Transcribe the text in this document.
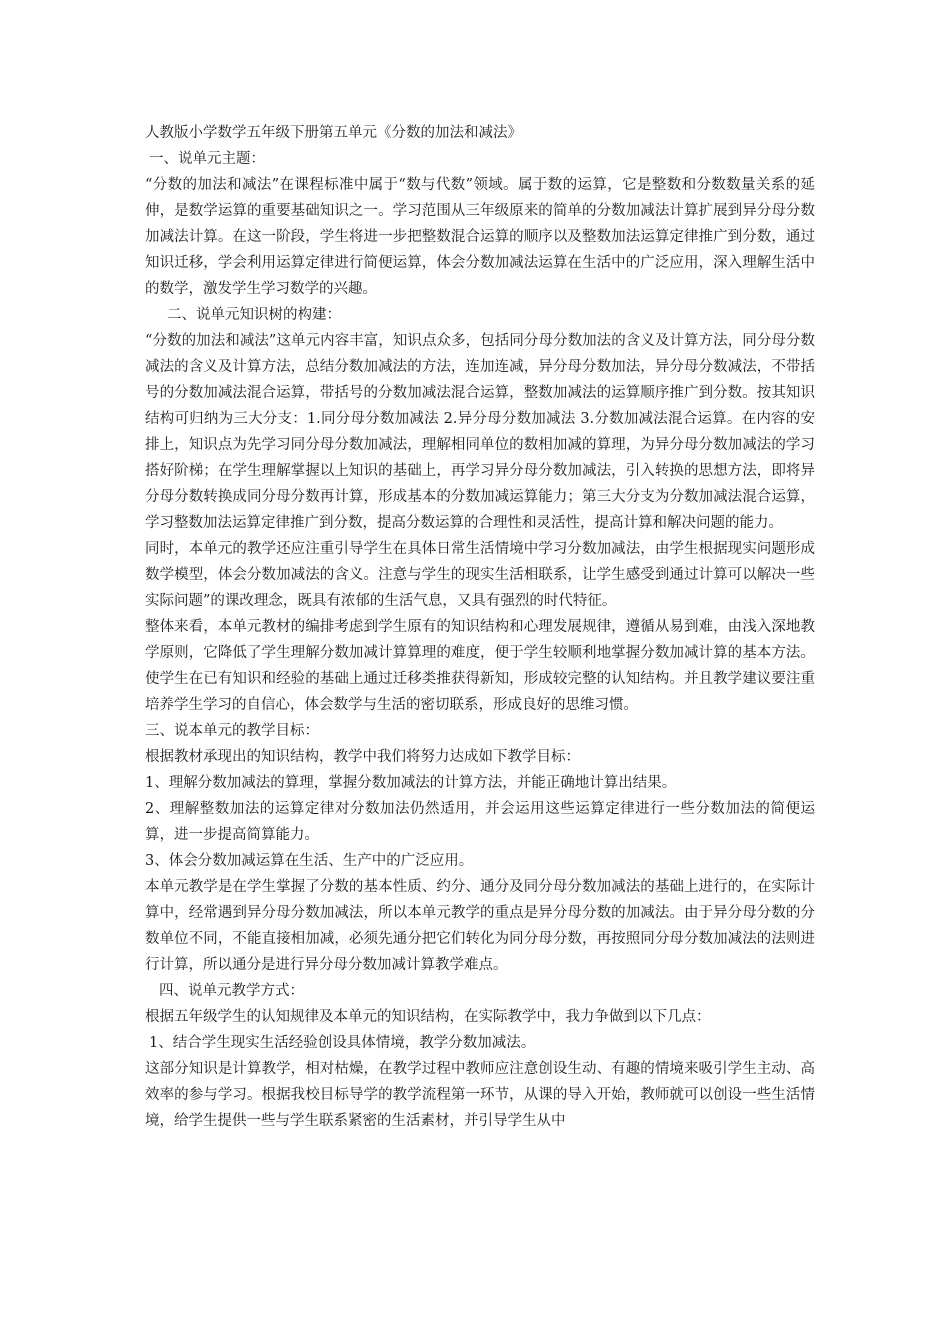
人教版小学数学五年级下册第五单元《分数的加法和减法》

一、说单元主题：

“分数的加法和减法”在课程标准中属于“数与代数”领域。属于数的运算，它是整数和分数数量关系的延伸，是数学运算的重要基础知识之一。学习范围从三年级原来的简单的分数加减法计算扩展到异分母分数加减法计算。在这一阶段，学生将进一步把整数混合运算的顺序以及整数加法运算定律推广到分数，通过知识迁移，学会利用运算定律进行简便运算，体会分数加减法运算在生活中的广泛应用，深入理解生活中的数学，激发学生学习数学的兴趣。

二、说单元知识树的构建：

“分数的加法和减法”这单元内容丰富，知识点众多，包括同分母分数加法的含义及计算方法，同分母分数减法的含义及计算方法，总结分数加减法的方法，连加连减，异分母分数加法，异分母分数减法，不带括号的分数加减法混合运算，带括号的分数加减法混合运算，整数加减法的运算顺序推广到分数。按其知识结构可归纳为三大分支：1.同分母分数加减法 2.异分母分数加减法 3.分数加减法混合运算。在内容的安排上，知识点为先学习同分母分数加减法，理解相同单位的数相加减的算理，为异分母分数加减法的学习搭好阶梯；在学生理解掌握以上知识的基础上，再学习异分母分数加减法，引入转换的思想方法，即将异分母分数转换成同分母分数再计算，形成基本的分数加减运算能力；第三大分支为分数加减法混合运算，学习整数加法运算定律推广到分数，提高分数运算的合理性和灵活性，提高计算和解决问题的能力。

同时，本单元的教学还应注重引导学生在具体日常生活情境中学习分数加减法，由学生根据现实问题形成数学模型，体会分数加减法的含义。注意与学生的现实生活相联系，让学生感受到通过计算可以解决一些实际问题”的课改理念，既具有浓郁的生活气息，又具有强烈的时代特征。

整体来看，本单元教材的编排考虑到学生原有的知识结构和心理发展规律，遵循从易到难，由浅入深地教学原则，它降低了学生理解分数加减计算算理的难度，便于学生较顺利地掌握分数加减计算的基本方法。使学生在已有知识和经验的基础上通过迁移类推获得新知，形成较完整的认知结构。并且教学建议要注重培养学生学习的自信心，体会数学与生活的密切联系，形成良好的思维习惯。

三、说本单元的教学目标：

根据教材承现出的知识结构，教学中我们将努力达成如下教学目标：

1、理解分数加减法的算理，掌握分数加减法的计算方法，并能正确地计算出结果。

2、理解整数加法的运算定律对分数加法仍然适用，并会运用这些运算定律进行一些分数加法的简便运算，进一步提高简算能力。

3、体会分数加减运算在生活、生产中的广泛应用。

本单元教学是在学生掌握了分数的基本性质、约分、通分及同分母分数加减法的基础上进行的，在实际计算中，经常遇到异分母分数加减法，所以本单元教学的重点是异分母分数的加减法。由于异分母分数的分数单位不同，不能直接相加减，必须先通分把它们转化为同分母分数，再按照同分母分数加减法的法则进行计算，所以通分是进行异分母分数加减计算教学难点。

四、说单元教学方式：

根据五年级学生的认知规律及本单元的知识结构，在实际教学中，我力争做到以下几点：

1、结合学生现实生活经验创设具体情境，教学分数加减法。

这部分知识是计算教学，相对枯燥，在教学过程中教师应注意创设生动、有趣的情境来吸引学生主动、高效率的参与学习。根据我校目标导学的教学流程第一环节，从课的导入开始，教师就可以创设一些生活情境，给学生提供一些与学生联系紧密的生活素材，并引导学生从中
